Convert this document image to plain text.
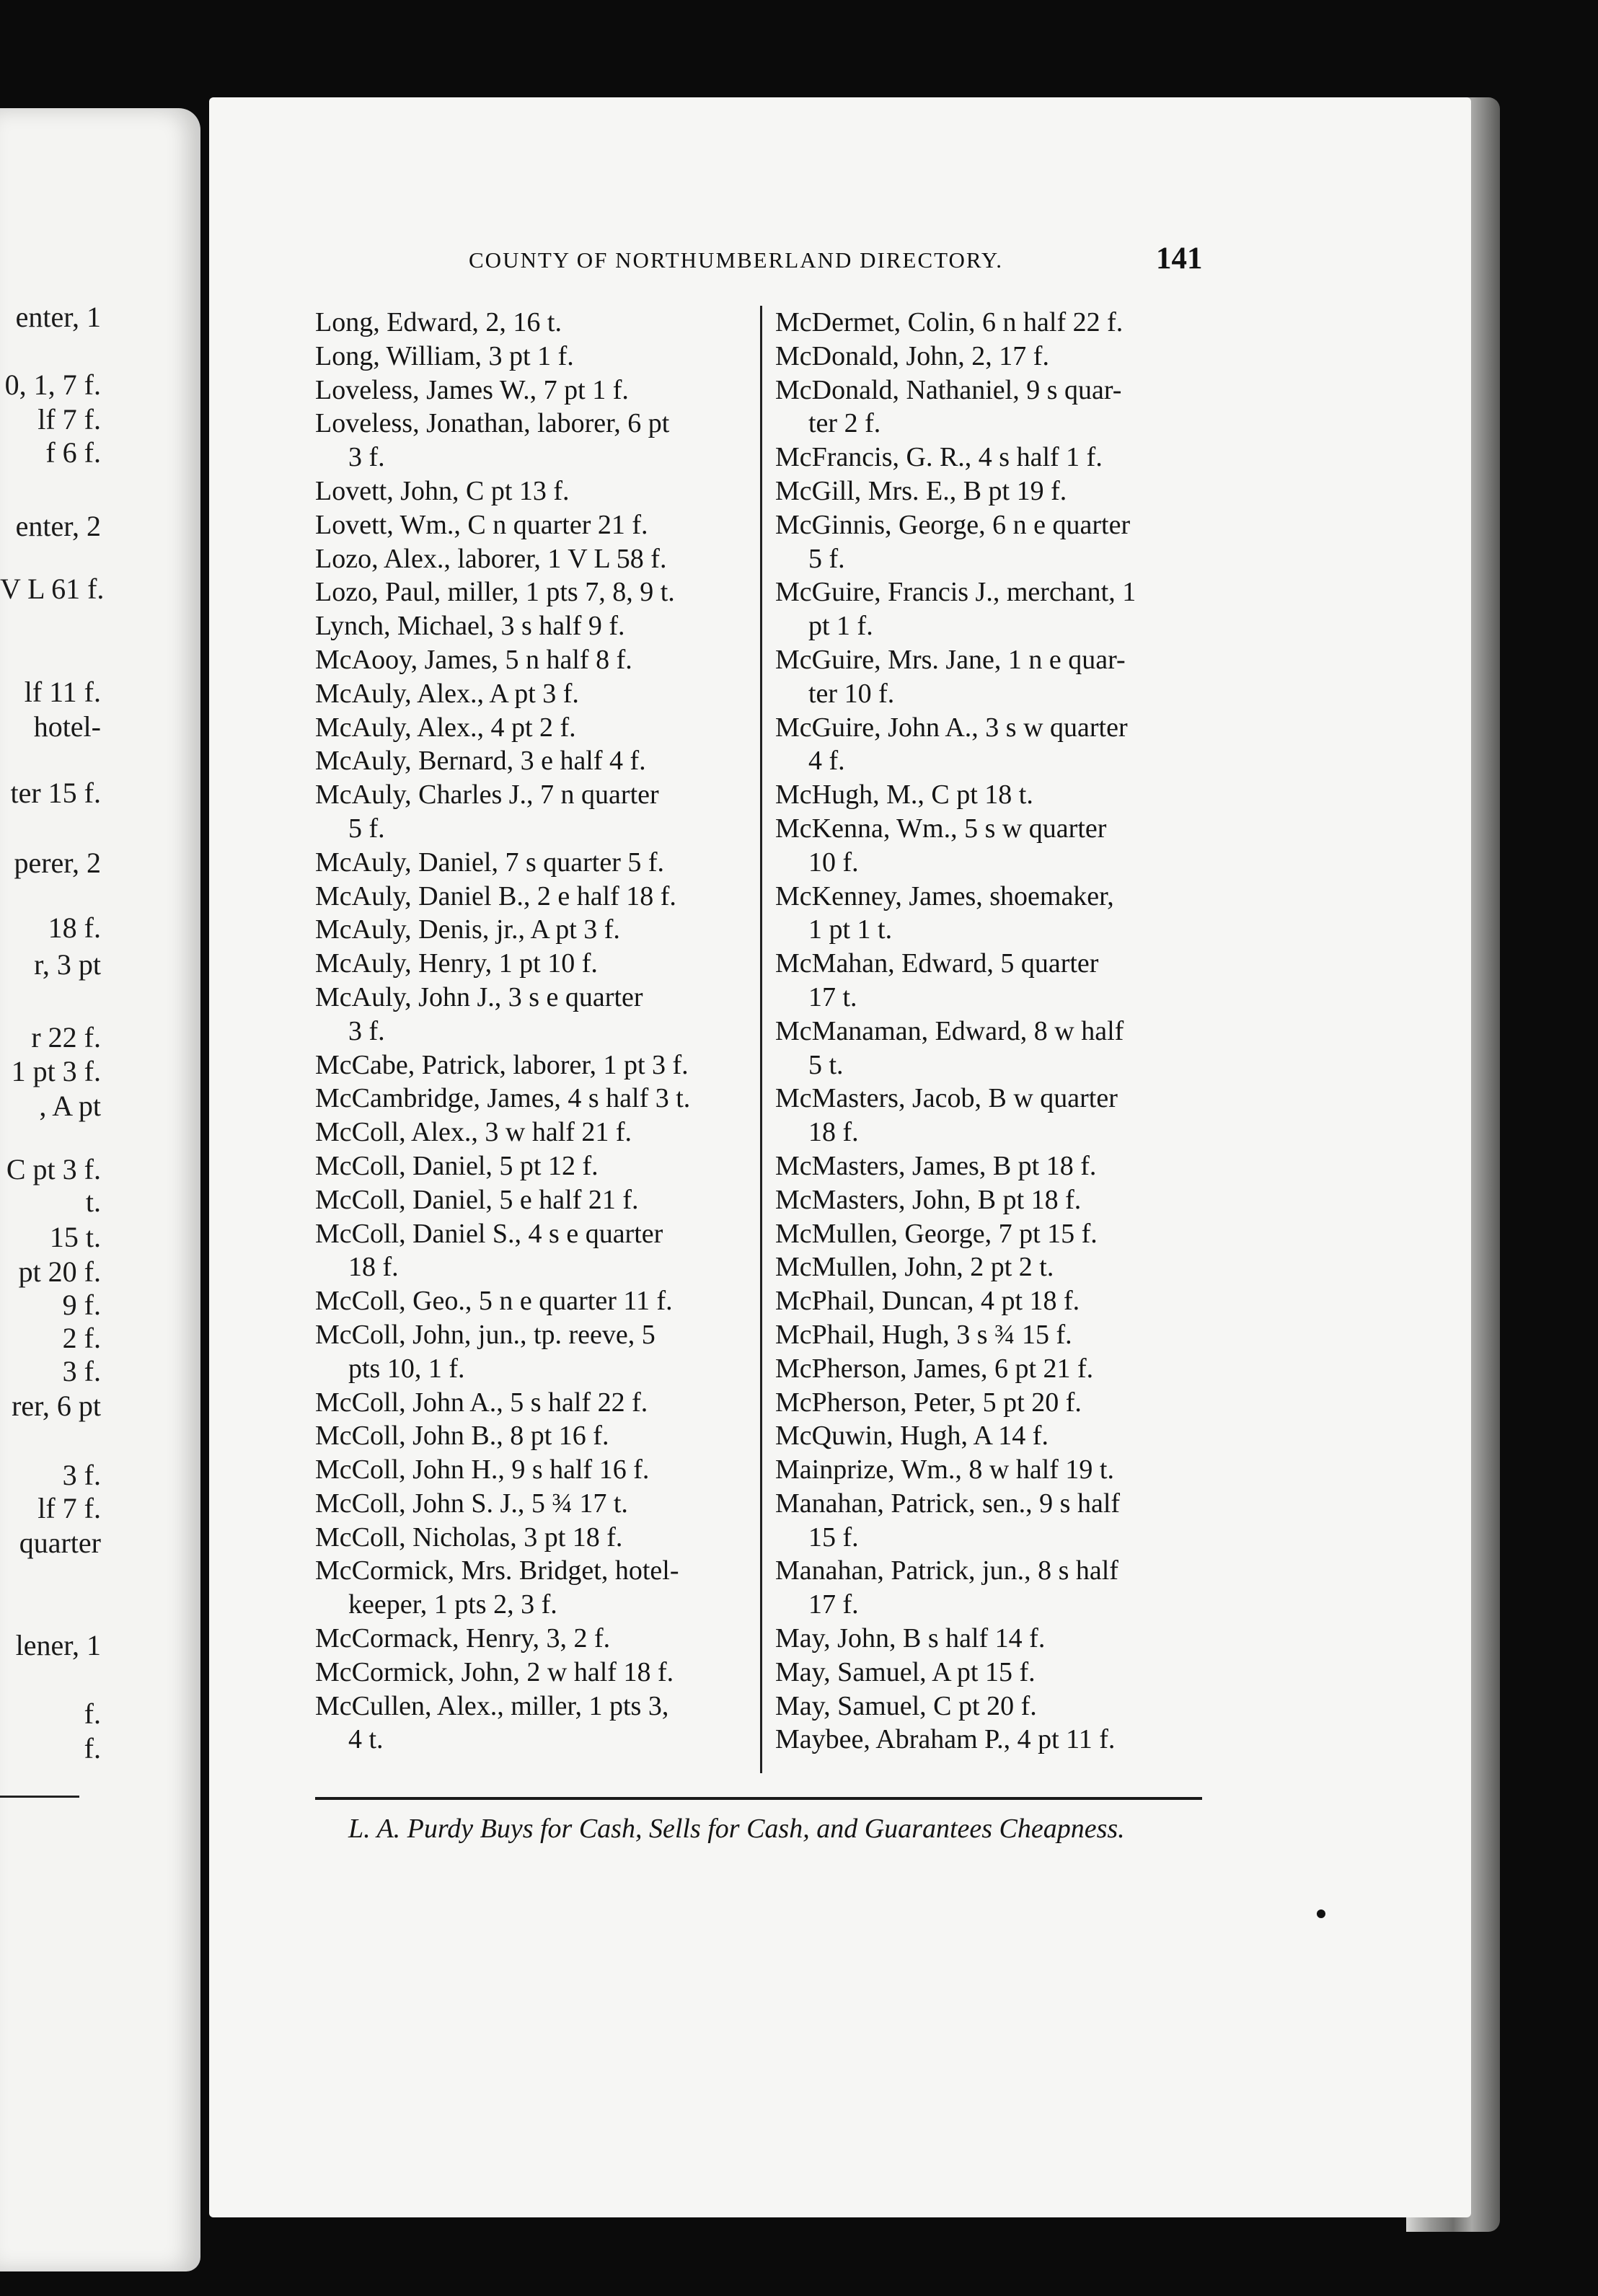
enter, 1
0, 1, 7 f.
lf 7 f.
f 6 f.
enter, 2
V L 61 f.
lf 11 f.
hotel-
ter 15 f.
perer, 2
18 f.
r, 3 pt
r 22 f.
1 pt 3 f.
, A pt
C pt 3 f.
t.
15 t.
pt 20 f.
9 f.
2 f.
3 f.
rer, 6 pt
3 f.
lf 7 f.
quarter
lener, 1
f.
f.
COUNTY OF NORTHUMBERLAND DIRECTORY.	141
Long, Edward, 2, 16 t.
Long, William, 3 pt 1 f.
Loveless, James W., 7 pt 1 f.
Loveless, Jonathan, laborer, 6 pt
3 f.
Lovett, John, C pt 13 f.
Lovett, Wm., C n quarter 21 f.
Lozo, Alex., laborer, 1 V L 58 f.
Lozo, Paul, miller, 1 pts 7, 8, 9 t.
Lynch, Michael, 3 s half 9 f.
McAooy, James, 5 n half 8 f.
McAuly, Alex., A pt 3 f.
McAuly, Alex., 4 pt 2 f.
McAuly, Bernard, 3 e half 4 f.
McAuly, Charles J., 7 n quarter
5 f.
McAuly, Daniel, 7 s quarter 5 f.
McAuly, Daniel B., 2 e half 18 f.
McAuly, Denis, jr., A pt 3 f.
McAuly, Henry, 1 pt 10 f.
McAuly, John J., 3 s e quarter
3 f.
McCabe, Patrick, laborer, 1 pt 3 f.
McCambridge, James, 4 s half 3 t.
McColl, Alex., 3 w half 21 f.
McColl, Daniel, 5 pt 12 f.
McColl, Daniel, 5 e half 21 f.
McColl, Daniel S., 4 s e quarter
18 f.
McColl, Geo., 5 n e quarter 11 f.
McColl, John, jun., tp. reeve, 5
pts 10, 1 f.
McColl, John A., 5 s half 22 f.
McColl, John B., 8 pt 16 f.
McColl, John H., 9 s half 16 f.
McColl, John S. J., 5 ¾ 17 t.
McColl, Nicholas, 3 pt 18 f.
McCormick, Mrs. Bridget, hotel-
keeper, 1 pts 2, 3 f.
McCormack, Henry, 3, 2 f.
McCormick, John, 2 w half 18 f.
McCullen, Alex., miller, 1 pts 3,
4 t.
McDermet, Colin, 6 n half 22 f.
McDonald, John, 2, 17 f.
McDonald, Nathaniel, 9 s quar-
ter 2 f.
McFrancis, G. R., 4 s half 1 f.
McGill, Mrs. E., B pt 19 f.
McGinnis, George, 6 n e quarter
5 f.
McGuire, Francis J., merchant, 1
pt 1 f.
McGuire, Mrs. Jane, 1 n e quar-
ter 10 f.
McGuire, John A., 3 s w quarter
4 f.
McHugh, M., C pt 18 t.
McKenna, Wm., 5 s w quarter
10 f.
McKenney, James, shoemaker,
1 pt 1 t.
McMahan, Edward, 5 quarter
17 t.
McManaman, Edward, 8 w half
5 t.
McMasters, Jacob, B w quarter
18 f.
McMasters, James, B pt 18 f.
McMasters, John, B pt 18 f.
McMullen, George, 7 pt 15 f.
McMullen, John, 2 pt 2 t.
McPhail, Duncan, 4 pt 18 f.
McPhail, Hugh, 3 s ¾ 15 f.
McPherson, James, 6 pt 21 f.
McPherson, Peter, 5 pt 20 f.
McQuwin, Hugh, A 14 f.
Mainprize, Wm., 8 w half 19 t.
Manahan, Patrick, sen., 9 s half
15 f.
Manahan, Patrick, jun., 8 s half
17 f.
May, John, B s half 14 f.
May, Samuel, A pt 15 f.
May, Samuel, C pt 20 f.
Maybee, Abraham P., 4 pt 11 f.
L. A. Purdy Buys for Cash, Sells for Cash, and Guarantees Cheapness.
